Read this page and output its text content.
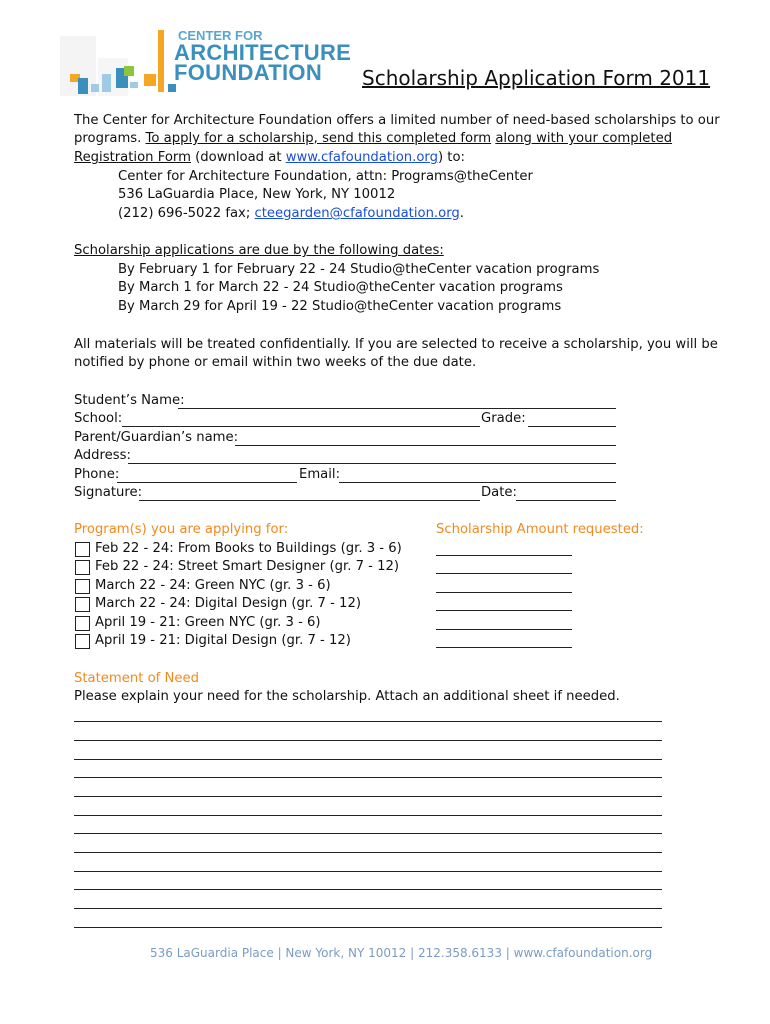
CENTER FOR
ARCHITECTURE
FOUNDATION Scholarship Application Form 2011
The Center for Architecture Foundation offers a limited number of need-based scholarships to our
programs. To apply for a scholarship, send this completed form along with your completed
Registration Form (download at www.cfafoundation.org) to:
Center for Architecture Foundation, attn: Programs@theCenter
536 LaGuardia Place, New York, NY 10012
(212) 696-5022 fax; cteegarden@cfafoundation.org.
Scholarship applications are due by the following dates:
By February 1 for February 22 - 24 Studio@theCenter vacation programs
By March 1 for March 22 - 24 Studio@theCenter vacation programs
By March 29 for April 19 - 22 Studio@theCenter vacation programs
All materials will be treated confidentially. If you are selected to receive a scholarship, you will be
notified by phone or email within two weeks of the due date.
Student’s Name:
School:	Grade:
Parent/Guardian’s name:
Address:
Phone:	Email:
Signature:	Date:
Program(s) you are applying for:	Scholarship Amount requested:
Feb 22 - 24: From Books to Buildings (gr. 3 - 6)
Feb 22 - 24: Street Smart Designer (gr. 7 - 12)
March 22 - 24: Green NYC (gr. 3 - 6)
March 22 - 24: Digital Design (gr. 7 - 12)
April 19 - 21: Green NYC (gr. 3 - 6)
April 19 - 21: Digital Design (gr. 7 - 12)
Statement of Need
Please explain your need for the scholarship. Attach an additional sheet if needed.
536 LaGuardia Place | New York, NY 10012 | 212.358.6133 | www.cfafoundation.org
